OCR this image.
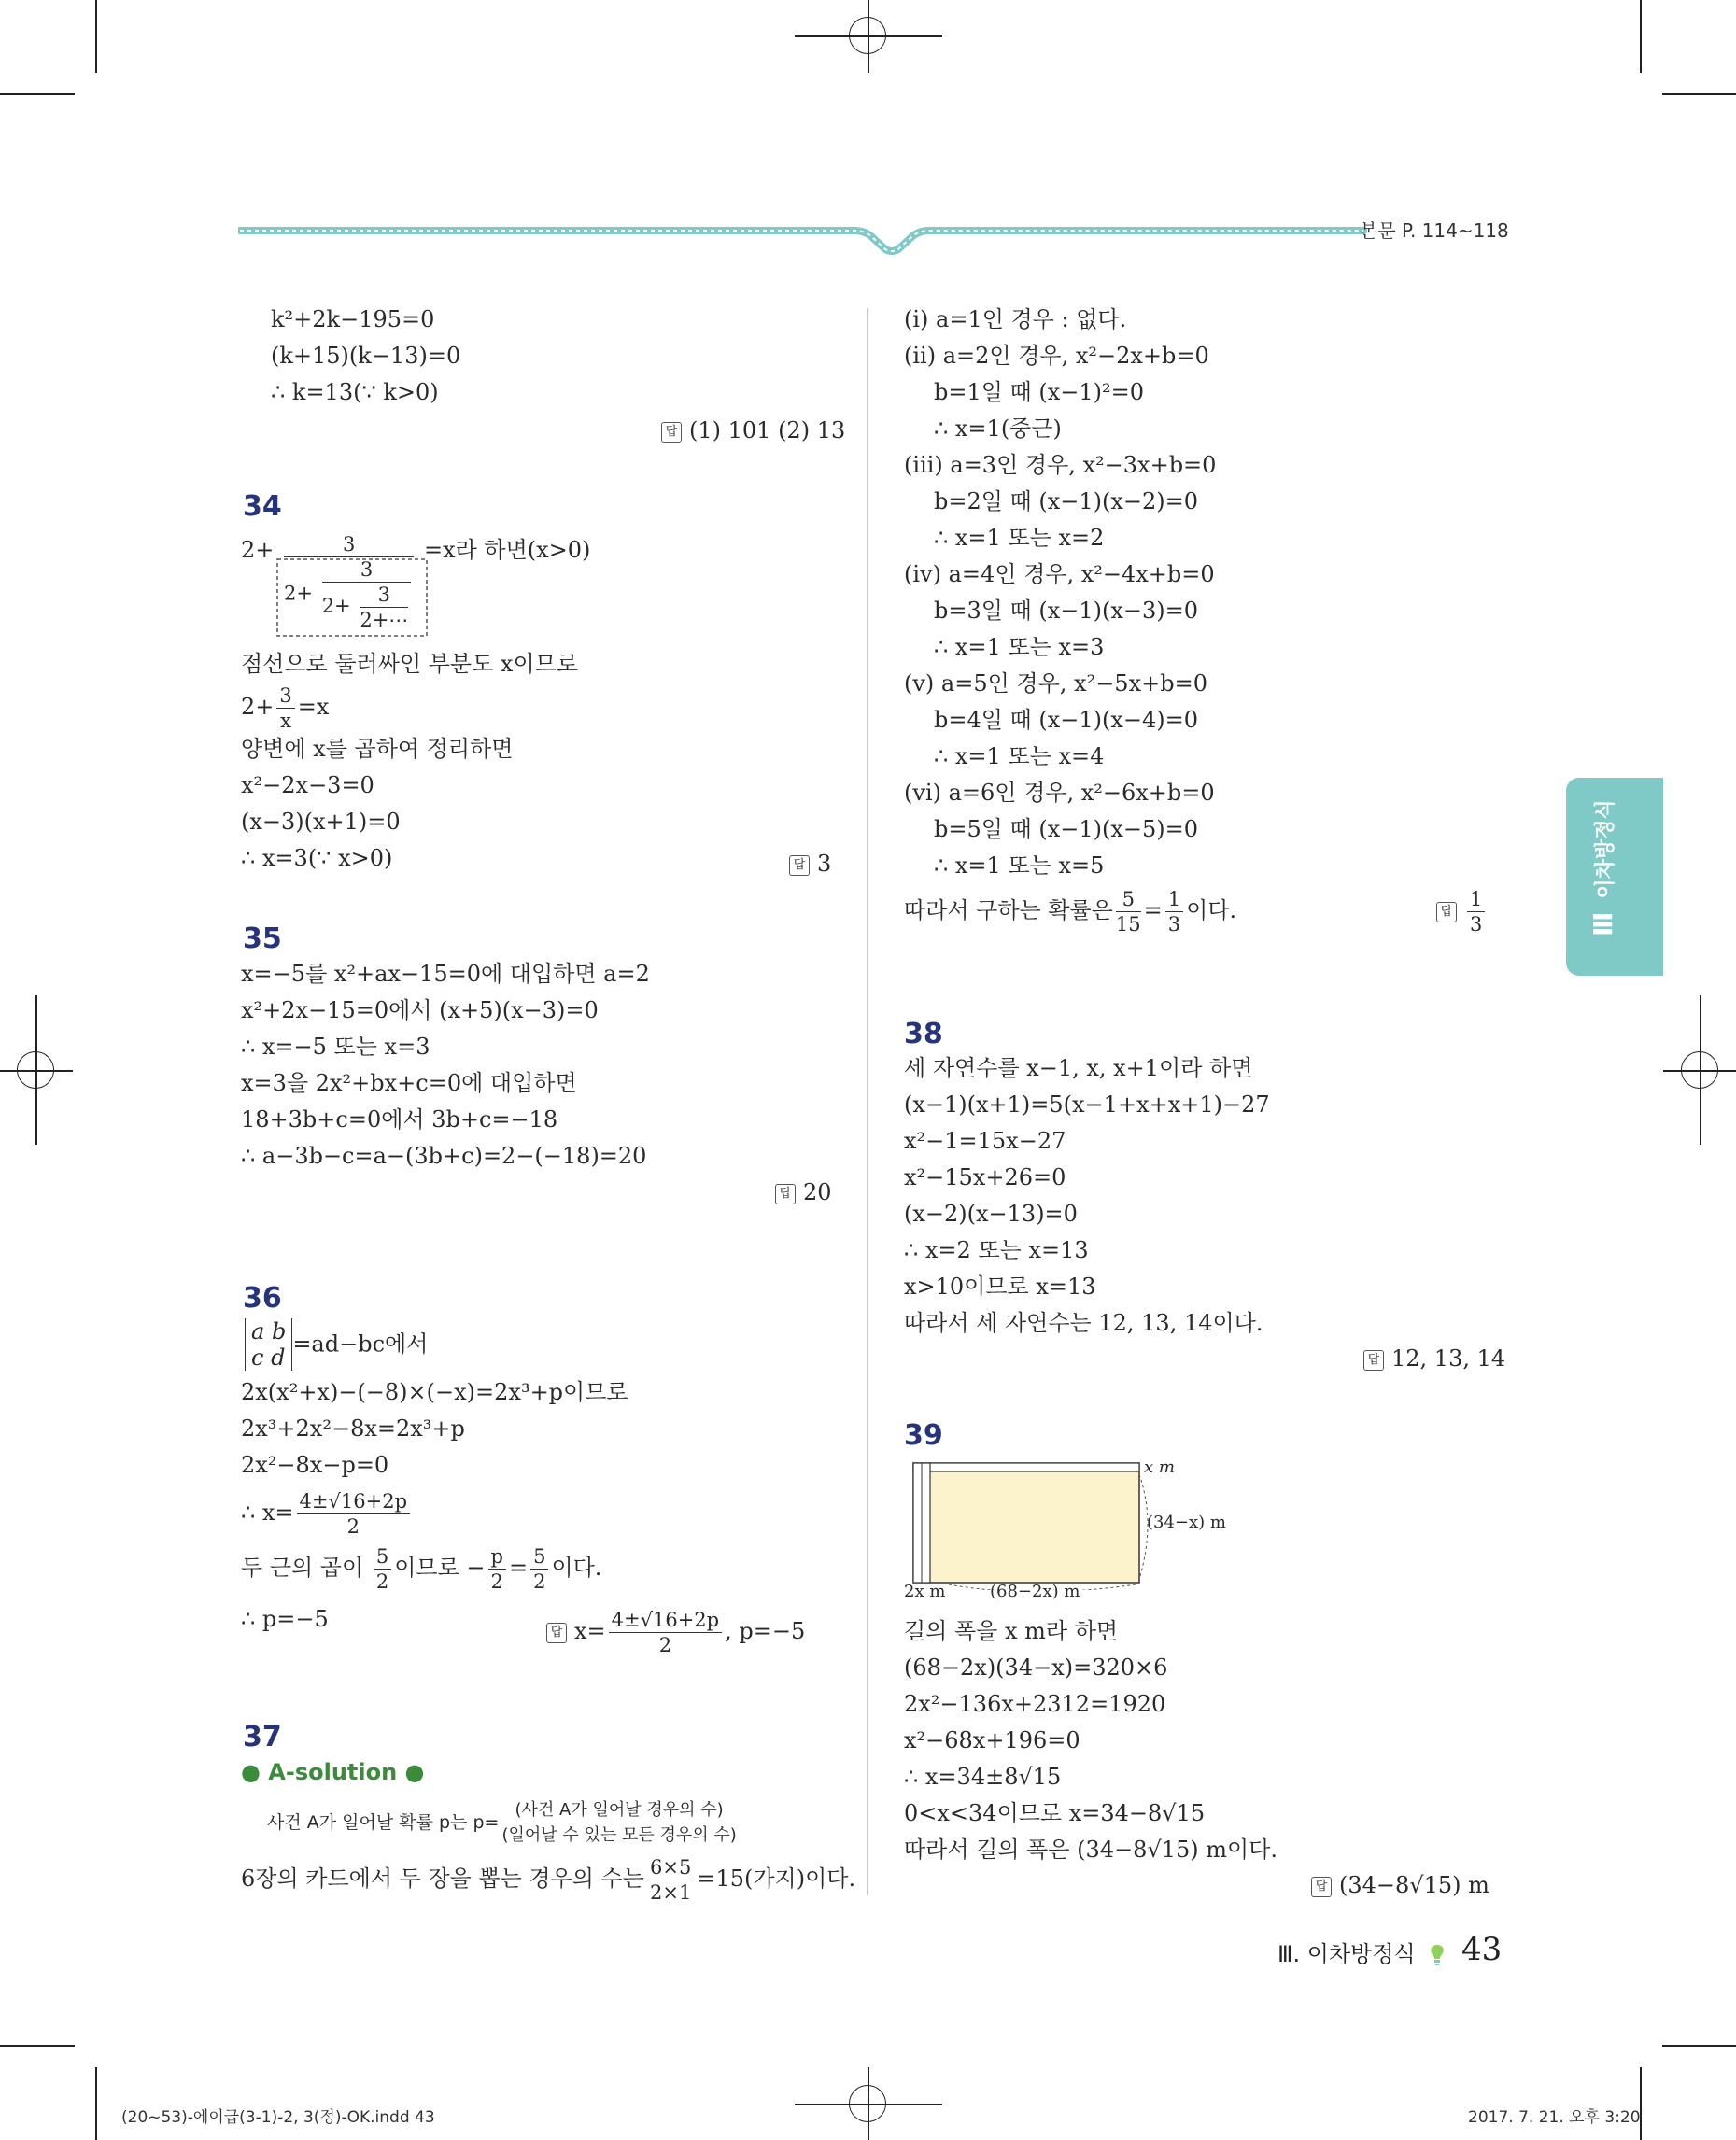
본문 P. 114~118
k²+2k−195=0
(k+15)(k−13)=0
∴ k=13(∵ k>0)
답 (1) 101 (2) 13
34
2+	3
$2+ \frac{3}{2+ \frac{3}{2+\cdots}}$
=x라 하면(x>0)
점선으로 둘러싸인 부분도 x이므로
$2+ \frac{3}{x} =x$
양변에 x를 곱하여 정리하면
x²−2x−3=0
(x−3)(x+1)=0
∴ x=3(∵ x>0)	답 3
35
x=−5를 x²+ax−15=0에 대입하면 a=2
x²+2x−15=0에서 (x+5)(x−3)=0
∴ x=−5 또는 x=3
x=3을 2x²+bx+c=0에 대입하면
18+3b+c=0에서 3b+c=−18
∴ a−3b−c=a−(3b+c)=2−(−18)=20
답 20
36
a b
c d
=ad−bc에서
2x(x²+x)−(−8)×(−x)=2x³+p이므로
2x³+2x²−8x=2x³+p
2x²−8x−p=0
∴ $x= \frac{4\pm√16+2p}{2}$
두 근의 곱이 $\frac{5}{2}$ 이므로 − $\frac{p}{2} = \frac{5}{2}$ 이다.
∴ p=−5	답 $x= \frac{4\pm√16+2p}{2}$ , p=−5
37
● A-solution ●
사건 A가 일어날 확률 p는 $p= \frac{\text{(사건 A가 일어날 경우의 수)}}{\text{(일어날 수 있는 모든 경우의 수)}}$
6장의 카드에서 두 장을 뽑는 경우의 수는 $\frac{6\times 5}{2\times 1} =15$(가지)이다.
(ⅰ) a=1인 경우 : 없다.
(ⅱ) a=2인 경우, x²−2x+b=0
b=1일 때 (x−1)²=0
∴ x=1(중근)
(ⅲ) a=3인 경우, x²−3x+b=0
b=2일 때 (x−1)(x−2)=0
∴ x=1 또는 x=2
(ⅳ) a=4인 경우, x²−4x+b=0
b=3일 때 (x−1)(x−3)=0
∴ x=1 또는 x=3
(ⅴ) a=5인 경우, x²−5x+b=0
b=4일 때 (x−1)(x−4)=0
∴ x=1 또는 x=4
(ⅵ) a=6인 경우, x²−6x+b=0
b=5일 때 (x−1)(x−5)=0
∴ x=1 또는 x=5
따라서 구하는 확률은 $\frac{5}{15} = \frac{1}{3}$ 이다.	답 $\frac{1}{3}$
38
세 자연수를 x−1, x, x+1이라 하면
(x−1)(x+1)=5(x−1+x+x+1)−27
x²−1=15x−27
x²−15x+26=0
(x−2)(x−13)=0
∴ x=2 또는 x=13
x>10이므로 x=13
따라서 세 자연수는 12, 13, 14이다.
답 12, 13, 14
39
x m
(34−x) m
2x m	(68−2x) m
길의 폭을 x m라 하면
(68−2x)(34−x)=320×6
2x²−136x+2312=1920
x²−68x+196=0
∴ x=34±8√15
0<x<34이므로 x=34−8√15
따라서 길의 폭은 (34−8√15) m이다.
답 (34−8√15) m
Ⅲ이차방정식
Ⅲ. 이차방정식	43
(20~53)-에이급(3-1)-2, 3(정)-OK.indd 43	2017. 7. 21. 오후 3:20
